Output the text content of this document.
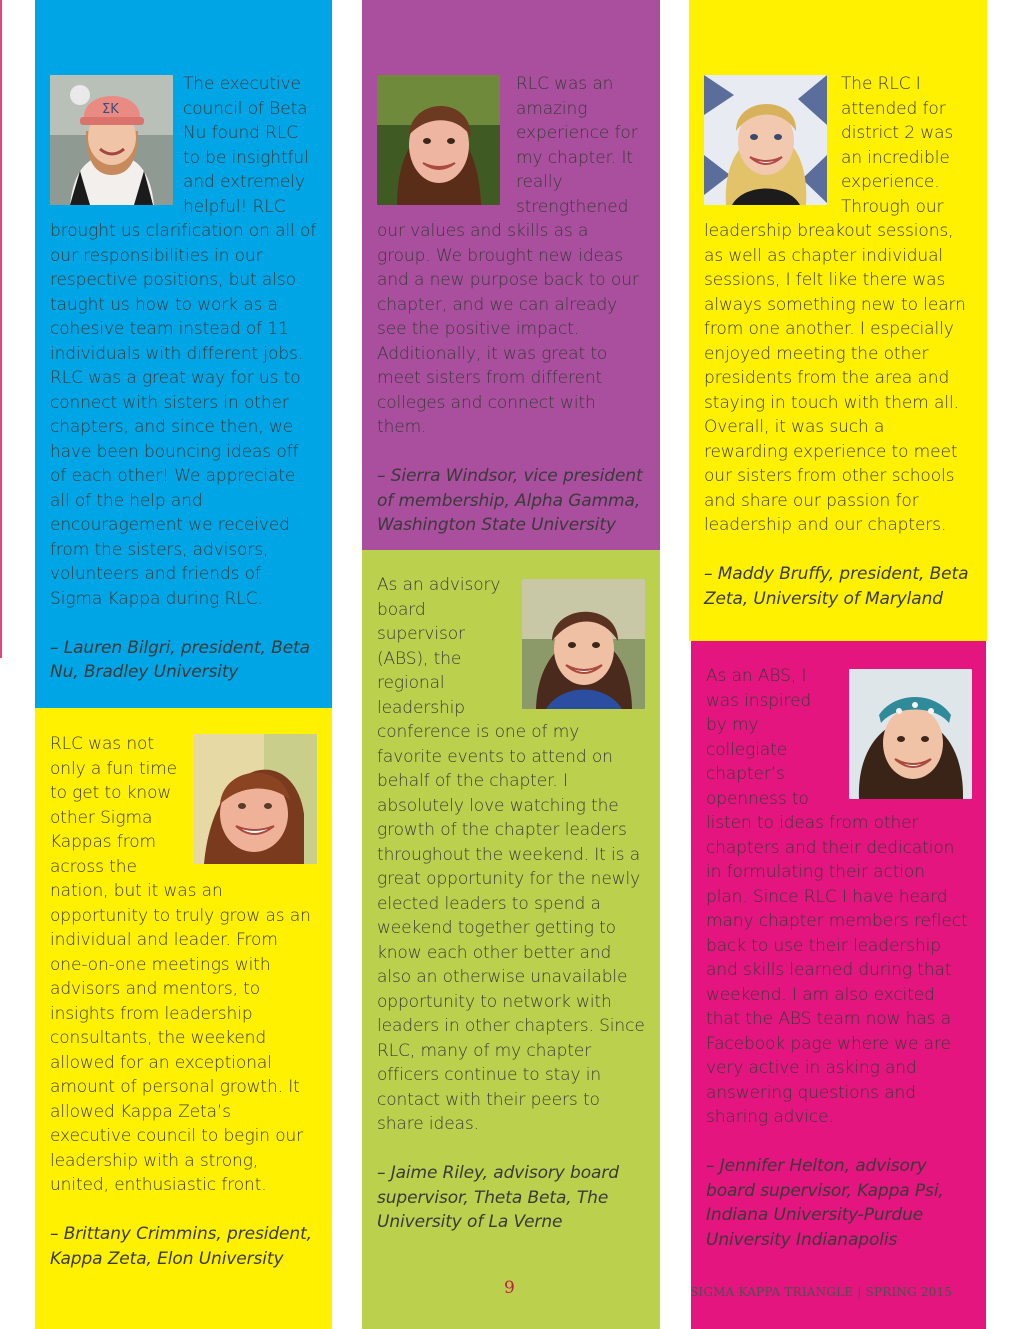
ΣΚ

The executive council of Beta Nu found RLC to be insightful and extremely helpful! RLC brought us clarification on all of our responsibilities in our respective positions, but also taught us how to work as a cohesive team instead of 11 individuals with different jobs. RLC was a great way for us to connect with sisters in other chapters, and since then, we have been bouncing ideas off of each other! We appreciate all of the help and encouragement we received from the sisters, advisors, volunteers and friends of Sigma Kappa during RLC.

– Lauren Bilgri, president, Beta Nu, Bradley University

RLC was not only a fun time to get to know other Sigma Kappas from across the nation, but it was an opportunity to truly grow as an individual and leader. From one-on-one meetings with advisors and mentors, to insights from leadership consultants, the weekend allowed for an exceptional amount of personal growth. It allowed Kappa Zeta’s executive council to begin our leadership with a strong, united, enthusiastic front.

– Brittany Crimmins, president, Kappa Zeta, Elon University

RLC was an amazing experience for my chapter. It really strengthened our values and skills as a group. We brought new ideas and a new purpose back to our chapter, and we can already see the positive impact. Additionally, it was great to meet sisters from different colleges and connect with them.

– Sierra Windsor, vice president of membership, Alpha Gamma, Washington State University

As an advisory board supervisor (ABS), the regional leadership conference is one of my favorite events to attend on behalf of the chapter. I absolutely love watching the growth of the chapter leaders throughout the weekend. It is a great opportunity for the newly elected leaders to spend a weekend together getting to know each other better and also an otherwise unavailable opportunity to network with leaders in other chapters. Since RLC, many of my chapter officers continue to stay in contact with their peers to share ideas.

– Jaime Riley, advisory board supervisor, Theta Beta, The University of La Verne

The RLC I attended for district 2 was an incredible experience. Through our leadership breakout sessions, as well as chapter individual sessions, I felt like there was always something new to learn from one another. I especially enjoyed meeting the other presidents from the area and staying in touch with them all. Overall, it was such a rewarding experience to meet our sisters from other schools and share our passion for leadership and our chapters.

– Maddy Bruffy, president, Beta Zeta, University of Maryland

As an ABS, I was inspired by my collegiate chapter’s openness to listen to ideas from other chapters and their dedication in formulating their action plan. Since RLC I have heard many chapter members reflect back to use their leadership and skills learned during that weekend. I am also excited that the ABS team now has a Facebook page where we are very active in asking and answering questions and sharing advice.

– Jennifer Helton, advisory board supervisor, Kappa Psi, Indiana University-Purdue University Indianapolis

9	SIGMA KAPPA TRIANGLE | SPRING 2015
